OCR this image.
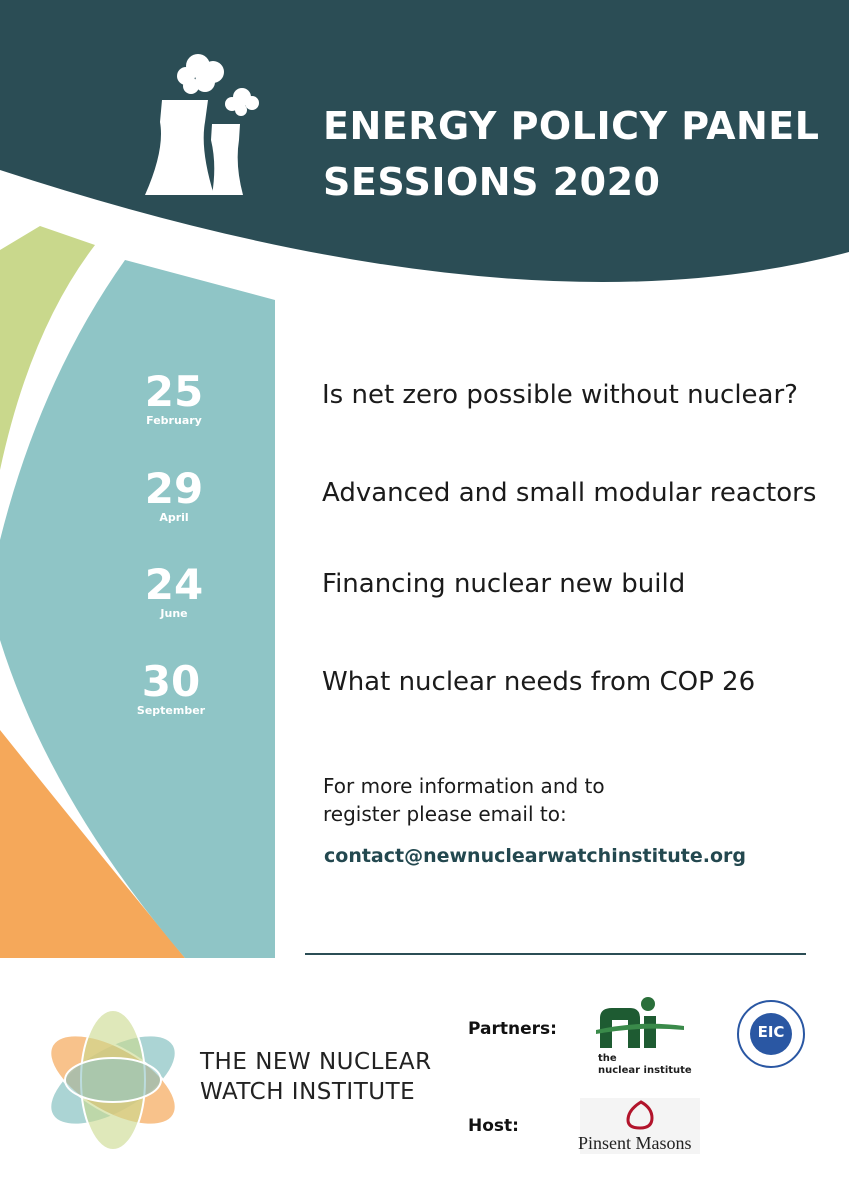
ENERGY POLICY PANEL
SESSIONS 2020
25
February
29
April
24
June
30
September
Is net zero possible without nuclear?
Advanced and small modular reactors
Financing nuclear new build
What nuclear needs from COP 26
For more information and to
register please email to:
contact@newnuclearwatchinstitute.org
THE NEW NUCLEAR
WATCH INSTITUTE
Partners:
Host:
the
nuclear institute
EIC
Pinsent Masons
